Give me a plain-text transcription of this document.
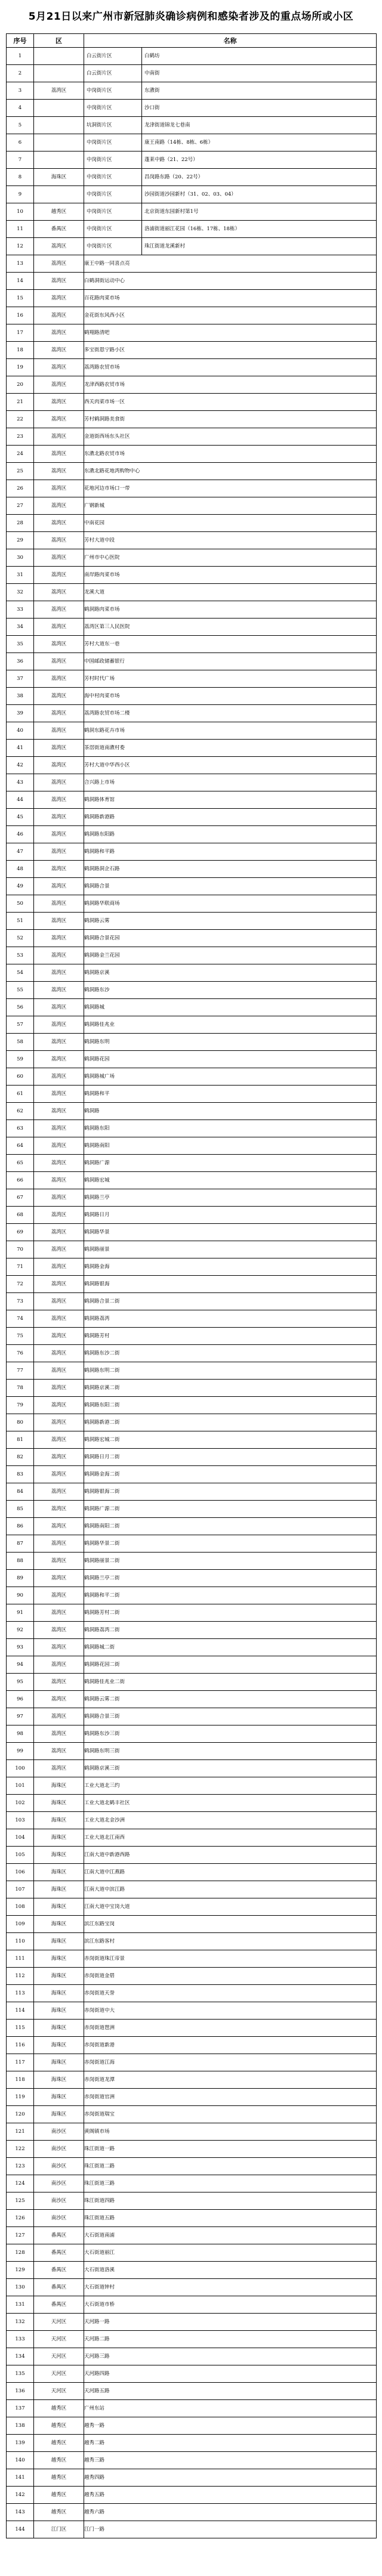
5月21日以来广州市新冠肺炎确诊病例和感染者涉及的重点场所或小区
序号	区	名称
1		白云街片区 白鹤坊

2		白云街片区 中南街

3	荔湾区	中岗街片区 东漖街

4		中岗街片区 沙口街

5		坑洞街片区 龙津街道锦龙七巷南

6		中岗街片区 康王南路（14栋、8栋、6栋）

7		中岗街片区 蓬莱中路（21、22号）

8	海珠区	中岗街片区 昌岗路东路（20、22号）

9		中岗街片区 沙园街道沙园新村（31、02、03、04）

10	越秀区	中岗街片区 北京街道东园新村第1号

11	番禺区	中岗街片区 洛浦街道丽江花园（16栋、17栋、18栋）

12	荔湾区	中岗街片区 珠江街道龙溪新村

13	荔湾区	康王中路一同喜点亮

14	荔湾区	白鹤洞街运动中心

15	荔湾区	百花路肉菜市场

16	荔湾区	金花街东风西小区

17	荔湾区	鹤翔路清吧

18	荔湾区	多宝街恩宁路小区

19	荔湾区	荔湾路农贸市场

20	荔湾区	龙津西路农贸市场

21	荔湾区	西关肉菜市场一区

22	荔湾区	芳村鹤洞路美食街

23	荔湾区	金道街西场东头社区

24	荔湾区	东漖北路农贸市场

25	荔湾区	东漖北路花地湾购物中心

26	荔湾区	花地河边市场口一带

27	荔湾区	广钢新城

28	荔湾区	中南花园

29	荔湾区	芳村大道中段

30	荔湾区	广州市中心医院

31	荔湾区	南岸路肉菜市场

32	荔湾区	龙溪大道

33	荔湾区	鹤洞路肉菜市场

34	荔湾区	荔湾区第三人民医院

35	荔湾区	芳村大道东一巷

36	荔湾区	中国邮政储蓄银行

37	荔湾区	芳村时代广场

38	荔湾区	海中村肉菜市场

39	荔湾区	荔湾路农贸市场二楼

40	荔湾区	鹤洞东路花卉市场

41	荔湾区	茶滘街道南漖村委

42	荔湾区	芳村大道中华西小区

43	荔湾区	合兴路上市场

44	荔湾区	鹤洞路体育馆

45	荔湾区	鹤洞路新港路

46	荔湾区	鹤洞路东阳路

47	荔湾区	鹤洞路和平路

48	荔湾区	鹤洞路洞企石路

49	荔湾区	鹤洞路合景

50	荔湾区	鹤洞路华联商场

51	荔湾区	鹤洞路云雾

52	荔湾区	鹤洞路合景花园

53	荔湾区	鹤洞路金兰花园

54	荔湾区	鹤洞路京溪

55	荔湾区	鹤洞路东沙

56	荔湾区	鹤洞路城

57	荔湾区	鹤洞路佳兆业

58	荔湾区	鹤洞路东明

59	荔湾区	鹤洞路花园

60	荔湾区	鹤洞路城广场

61	荔湾区	鹤洞路和平

62	荔湾区	鹤洞路

63	荔湾区	鹤洞路东阳

64	荔湾区	鹤洞路南阳

65	荔湾区	鹤洞路广源

66	荔湾区	鹤洞路宏城

67	荔湾区	鹤洞路兰亭

68	荔湾区	鹤洞路日月

69	荔湾区	鹤洞路华景

70	荔湾区	鹤洞路丽景

71	荔湾区	鹤洞路金海

72	荔湾区	鹤洞路银海

73	荔湾区	鹤洞路合景二街

74	荔湾区	鹤洞路荔湾

75	荔湾区	鹤洞路芳村

76	荔湾区	鹤洞路东沙二街

77	荔湾区	鹤洞路东明二街

78	荔湾区	鹤洞路京溪二街

79	荔湾区	鹤洞路东阳二街

80	荔湾区	鹤洞路新港二街

81	荔湾区	鹤洞路宏城二街

82	荔湾区	鹤洞路日月二街

83	荔湾区	鹤洞路金海二街

84	荔湾区	鹤洞路银海二街

85	荔湾区	鹤洞路广源二街

86	荔湾区	鹤洞路南阳二街

87	荔湾区	鹤洞路华景二街

88	荔湾区	鹤洞路丽景二街

89	荔湾区	鹤洞路兰亭二街

90	荔湾区	鹤洞路和平二街

91	荔湾区	鹤洞路芳村二街

92	荔湾区	鹤洞路荔湾二街

93	荔湾区	鹤洞路城二街

94	荔湾区	鹤洞路花园二街

95	荔湾区	鹤洞路佳兆业二街

96	荔湾区	鹤洞路云雾二街

97	荔湾区	鹤洞路合景三街

98	荔湾区	鹤洞路东沙三街

99	荔湾区	鹤洞路东明三街

100	荔湾区	鹤洞路京溪三街

101	海珠区	工业大道北三约

102	海珠区	工业大道北鹤丰社区

103	海珠区	工业大道北金沙洲

104	海珠区	工业大道北江南西

105	海珠区	江南大道中新港西路

106	海珠区	江南大道中江燕路

107	海珠区	江南大道中滨江路

108	海珠区	江南大道中宝岗大道

109	海珠区	滨江东路宝岗

110	海珠区	滨江东路客村

111	海珠区	赤岗街道珠江帝景

112	海珠区	赤岗街道金碧

113	海珠区	赤岗街道天誉

114	海珠区	赤岗街道中大

115	海珠区	赤岗街道琶洲

116	海珠区	赤岗街道新港

117	海珠区	赤岗街道江海

118	海珠区	赤岗街道龙潭

119	海珠区	赤岗街道官洲

120	海珠区	赤岗街道瑞宝

121	南沙区	黄阁镇市场

122	南沙区	珠江街道一路

123	南沙区	珠江街道二路

124	南沙区	珠江街道三路

125	南沙区	珠江街道四路

126	南沙区	珠江街道五路

127	番禺区	大石街道南浦

128	番禺区	大石街道丽江

129	番禺区	大石街道洛溪

130	番禺区	大石街道钟村

131	番禺区	大石街道市桥

132	天河区	天河路一路

133	天河区	天河路二路

134	天河区	天河路三路

135	天河区	天河路四路

136	天河区	天河路五路

137	越秀区	广州东站

138	越秀区	越秀一路

139	越秀区	越秀二路

140	越秀区	越秀三路

141	越秀区	越秀四路

142	越秀区	越秀五路

143	越秀区	越秀六路

144	江门区	江门一路
